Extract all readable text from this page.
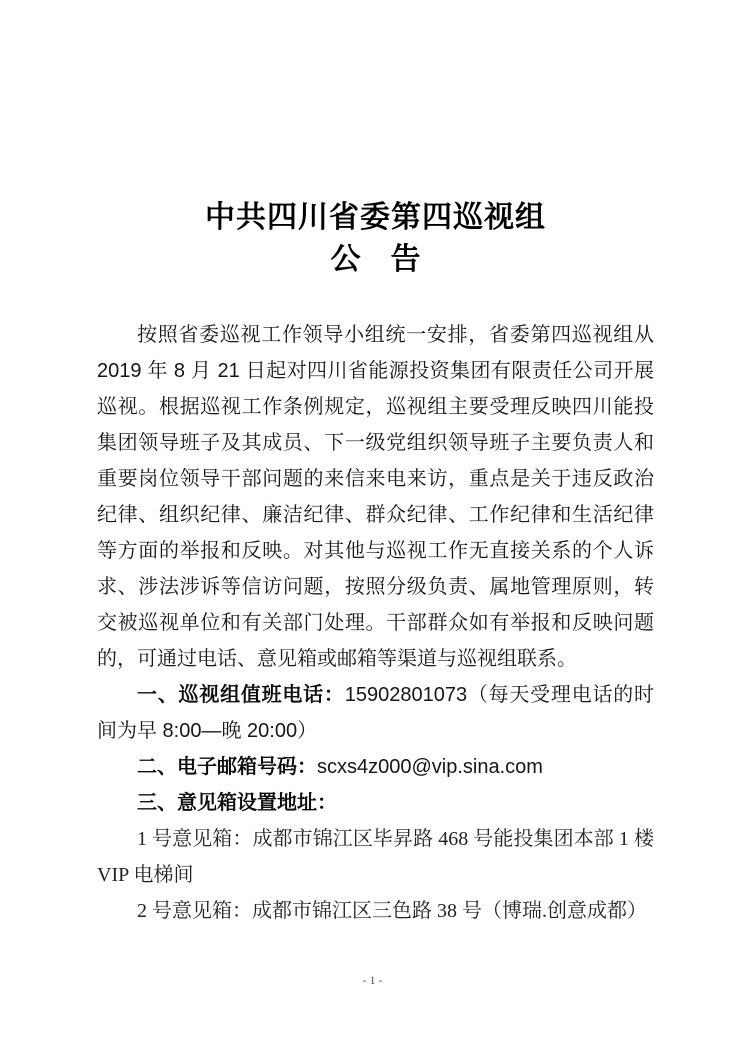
中共四川省委第四巡视组
公　告

按照省委巡视工作领导小组统一安排，省委第四巡视组从 2019 年 8 月 21 日起对四川省能源投资集团有限责任公司开展巡视。根据巡视工作条例规定，巡视组主要受理反映四川能投集团领导班子及其成员、下一级党组织领导班子主要负责人和重要岗位领导干部问题的来信来电来访，重点是关于违反政治纪律、组织纪律、廉洁纪律、群众纪律、工作纪律和生活纪律等方面的举报和反映。对其他与巡视工作无直接关系的个人诉求、涉法涉诉等信访问题，按照分级负责、属地管理原则，转交被巡视单位和有关部门处理。干部群众如有举报和反映问题的，可通过电话、意见箱或邮箱等渠道与巡视组联系。

一、巡视组值班电话：15902801073（每天受理电话的时间为早 8:00—晚 20:00）

二、电子邮箱号码：scxs4z000@vip.sina.com

三、意见箱设置地址：

1 号意见箱：成都市锦江区毕昇路 468 号能投集团本部 1 楼 VIP 电梯间

2 号意见箱：成都市锦江区三色路 38 号（博瑞.创意成都）

- 1 -
